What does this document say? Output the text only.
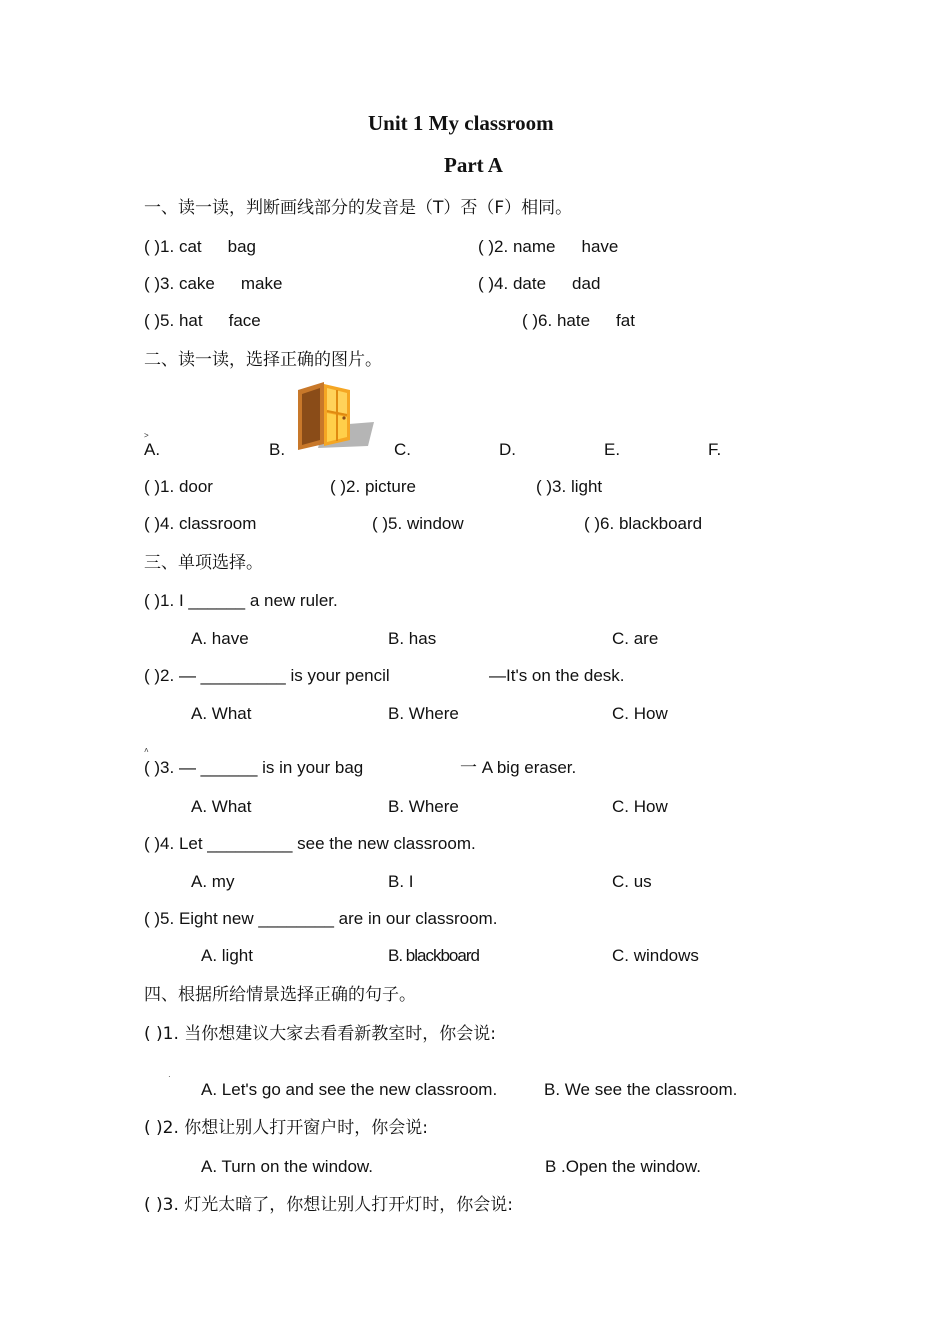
Unit 1 My classroom
Part A
一、读一读，判断画线部分的发音是（T）否（F）相同。
( )1. cat bag	( )2. name have
( )3. cake make	( )4. date dad
( )5. hat face	( )6. hate fat
二、读一读，选择正确的图片。
˃
A.	B.	C.	D.	E.	F.
( )1. door	( )2. picture	( )3. light
( )4. classroom	( )5. window	( )6. blackboard
三、单项选择。
( )1. I ______ a new ruler.
A. have	B. has	C. are
( )2. — _________ is your pencil	—It's on the desk.
A. What	B. Where	C. How
˄
( )3. — ______ is in your bag	一 A big eraser.
A. What	B. Where	C. How
( )4. Let _________ see the new classroom.
A. my	B. I	C. us
( )5. Eight new ________ are in our classroom.
A. light	B. blackboard	C. windows
四、根据所给情景选择正确的句子。
( )1. 当你想建议大家去看看新教室时，你会说:
·
A. Let's go and see the new classroom.	B. We see the classroom.
( )2. 你想让别人打开窗户时，你会说:
A. Turn on the window.	B .Open the window.
( )3. 灯光太暗了，你想让别人打开灯时，你会说:
